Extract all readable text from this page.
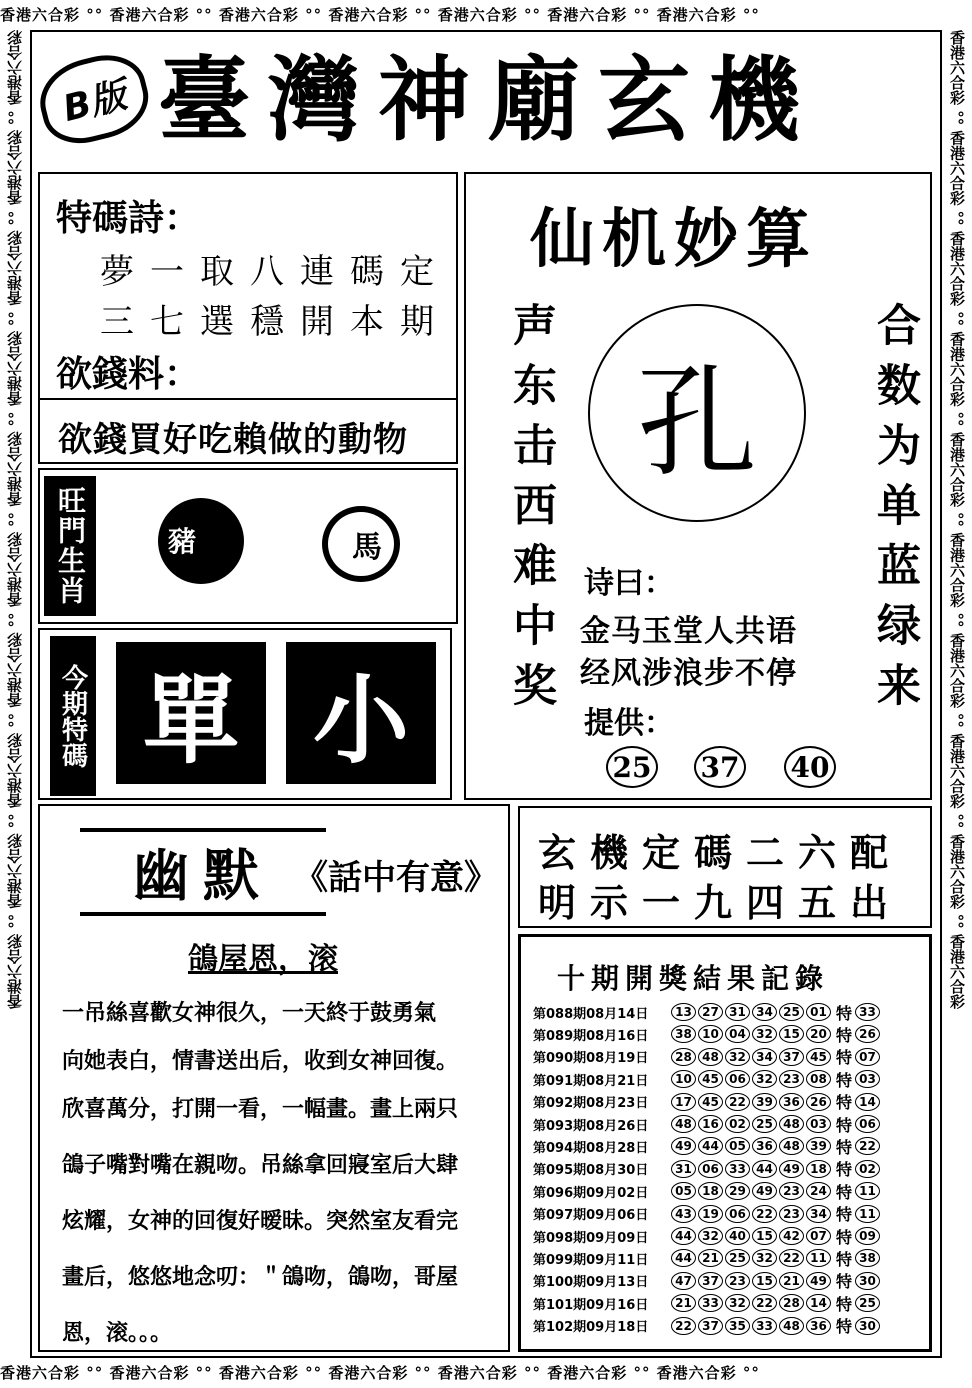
香港六合彩 °° 香港六合彩 °° 香港六合彩 °° 香港六合彩 °° 香港六合彩 °° 香港六合彩 °° 香港六合彩 °°
香港六合彩 °° 香港六合彩 °° 香港六合彩 °° 香港六合彩 °° 香港六合彩 °° 香港六合彩 °° 香港六合彩 °°
香港六合彩 °° 香港六合彩 °° 香港六合彩 °° 香港六合彩 °° 香港六合彩 °° 香港六合彩 °° 香港六合彩 °° 香港六合彩 °° 香港六合彩 °° 香港六合彩	香港六合彩 °° 香港六合彩 °° 香港六合彩 °° 香港六合彩 °° 香港六合彩 °° 香港六合彩 °° 香港六合彩 °° 香港六合彩 °° 香港六合彩 °° 香港六合彩
B版 臺灣神廟玄機
特碼詩：
夢一取八連碼定
三七選穩開本期
欲錢料：
欲錢買好吃賴做的動物
旺門生肖	豬	馬
今期特碼 單 小
仙机妙算
声东击西难中奖	合数为单蓝绿来
孔
诗曰：
金马玉堂人共语
经风涉浪步不停
提供：
25 37 40
幽默 《話中有意》
鴿屋恩，滚
一吊絲喜歡女神很久，一天終于鼓勇氣
向她表白，情書送出后，收到女神回復。
欣喜萬分，打開一看，一幅畫。畫上兩只
鴿子嘴對嘴在親吻。吊絲拿回寢室后大肆
炫耀，女神的回復好暧昧。突然室友看完
畫后，悠悠地念叨：＂鴿吻，鴿吻，哥屋
恩，滚。。。
玄機定碼二六配
明示一九四五出
十期開獎結果記錄
第088期08月14日	13 27 31 34 25 01 特 33
第089期08月16日	38 10 04 32 15 20 特 26
第090期08月19日	28 48 32 34 37 45 特 07
第091期08月21日	10 45 06 32 23 08 特 03
第092期08月23日	17 45 22 39 36 26 特 14
第093期08月26日	48 16 02 25 48 03 特 06
第094期08月28日	49 44 05 36 48 39 特 22
第095期08月30日	31 06 33 44 49 18 特 02
第096期09月02日	05 18 29 49 23 24 特 11
第097期09月06日	43 19 06 22 23 34 特 11
第098期09月09日	44 32 40 15 42 07 特 09
第099期09月11日	44 21 25 32 22 11 特 38
第100期09月13日	47 37 23 15 21 49 特 30
第101期09月16日	21 33 32 22 28 14 特 25
第102期09月18日	22 37 35 33 48 36 特 30
